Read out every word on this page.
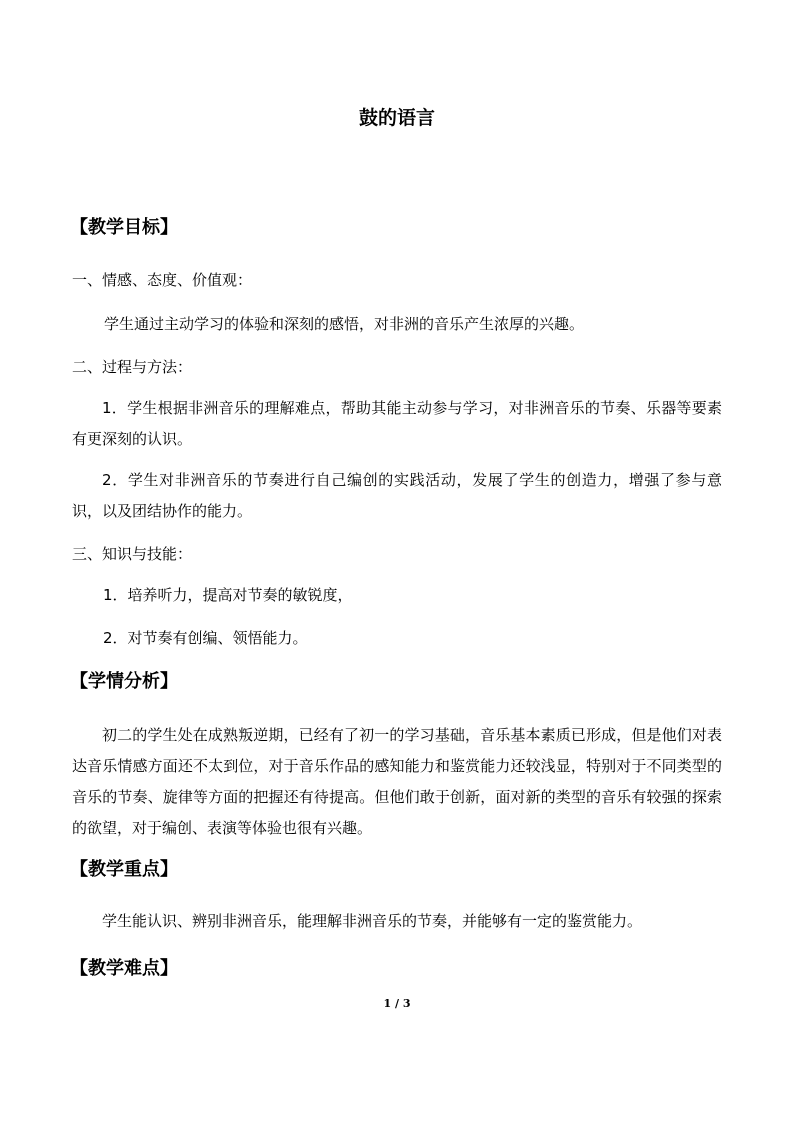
鼓的语言
【教学目标】
一、情感、态度、价值观：
学生通过主动学习的体验和深刻的感悟，对非洲的音乐产生浓厚的兴趣。
二、过程与方法：
1．学生根据非洲音乐的理解难点，帮助其能主动参与学习，对非洲音乐的节奏、乐器等要素有更深刻的认识。
2．学生对非洲音乐的节奏进行自己编创的实践活动，发展了学生的创造力，增强了参与意识，以及团结协作的能力。
三、知识与技能：
1．培养听力，提高对节奏的敏锐度，
2．对节奏有创编、领悟能力。
【学情分析】
初二的学生处在成熟叛逆期，已经有了初一的学习基础，音乐基本素质已形成，但是他们对表达音乐情感方面还不太到位，对于音乐作品的感知能力和鉴赏能力还较浅显，特别对于不同类型的音乐的节奏、旋律等方面的把握还有待提高。但他们敢于创新，面对新的类型的音乐有较强的探索的欲望，对于编创、表演等体验也很有兴趣。
【教学重点】
学生能认识、辨别非洲音乐，能理解非洲音乐的节奏，并能够有一定的鉴赏能力。
【教学难点】
1 / 3
